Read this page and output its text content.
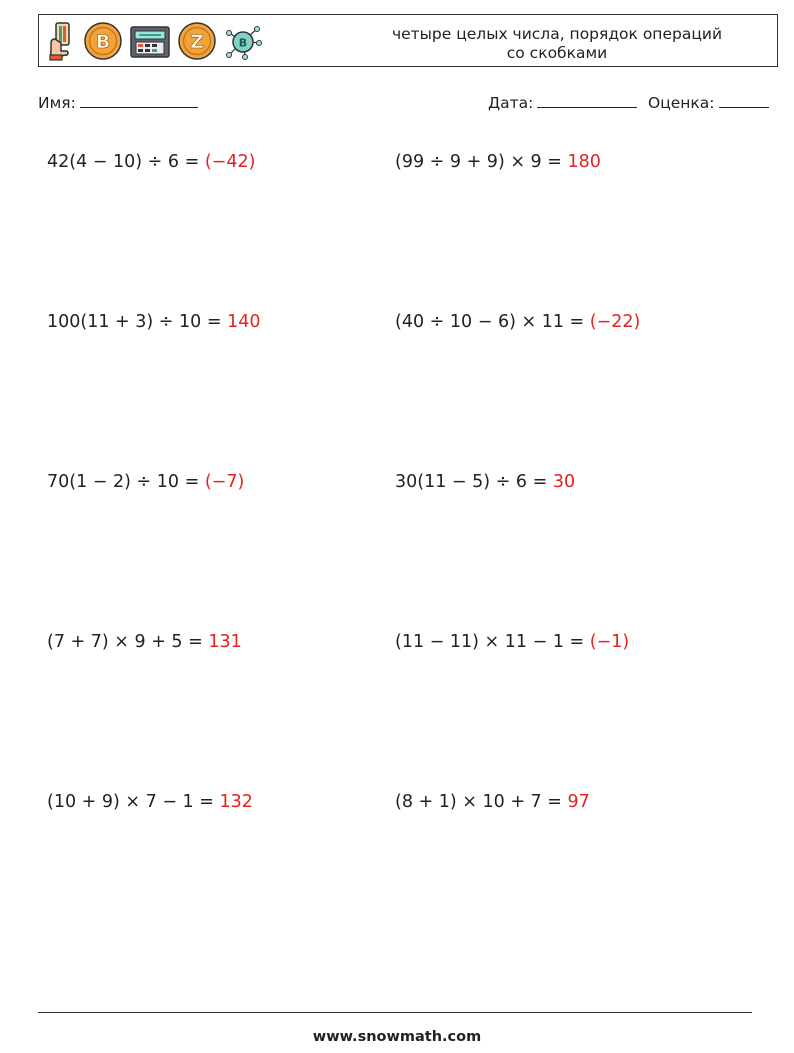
B	Z	B	четыре целых числа, порядок операций
со скобками
Имя:	Дата:	Оценка:
42(4 − 10) ÷ 6 = (−42)	(99 ÷ 9 + 9) × 9 = 180
100(11 + 3) ÷ 10 = 140	(40 ÷ 10 − 6) × 11 = (−22)
70(1 − 2) ÷ 10 = (−7)	30(11 − 5) ÷ 6 = 30
(7 + 7) × 9 + 5 = 131	(11 − 11) × 11 − 1 = (−1)
(10 + 9) × 7 − 1 = 132	(8 + 1) × 10 + 7 = 97
www.snowmath.com
